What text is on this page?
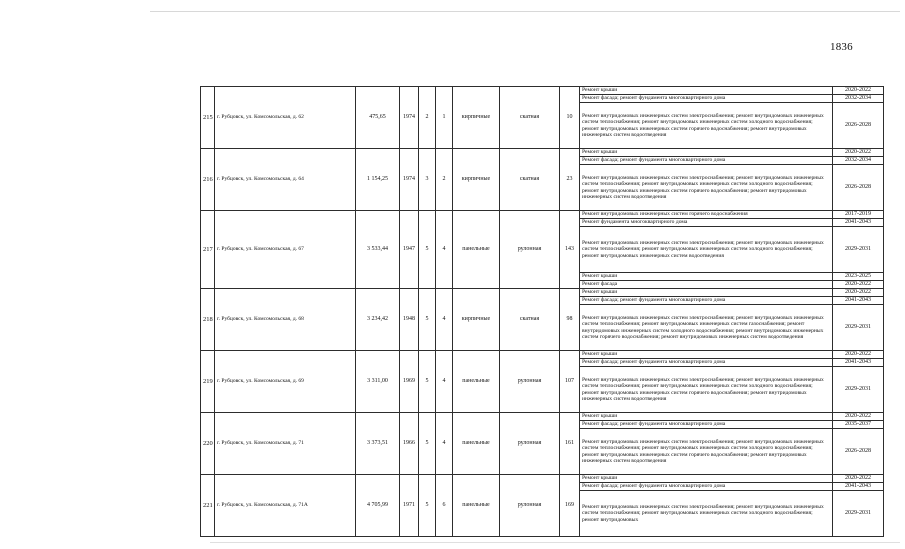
1836
215	г. Рубцовск, ул. Комсомольская, д. 62	475,65	1974	2	1	кирпичные	скатная	10	Ремонт крыши	2020-2022
									Ремонт фасада; ремонт фундамента многоквартирного дома	2032-2034
									Ремонт внутридомовых инженерных систем электроснабжения; ремонт внутридомовых инженерных систем теплоснабжения; ремонт внутридомовых инженерных систем холодного водоснабжения; ремонт внутридомовых инженерных систем горячего водоснабжения; ремонт внутридомовых инженерных систем водоотведения	2026-2028
216	г. Рубцовск, ул. Комсомольская, д. 64	1 154,25	1974	3	2	кирпичные	скатная	23	Ремонт крыши	2020-2022
									Ремонт фасада; ремонт фундамента многоквартирного дома	2032-2034
									Ремонт внутридомовых инженерных систем электроснабжения; ремонт внутридомовых инженерных систем теплоснабжения; ремонт внутридомовых инженерных систем холодного водоснабжения; ремонт внутридомовых инженерных систем горячего водоснабжения; ремонт внутридомовых инженерных систем водоотведения	2026-2028
217	г. Рубцовск, ул. Комсомольская, д. 67	3 533,44	1947	5	4	панельные	рулонная	143	Ремонт внутридомовых инженерных систем горячего водоснабжения	2017-2019
									Ремонт фундамента многоквартирного дома	2041-2043
									Ремонт внутридомовых инженерных систем электроснабжения; ремонт внутридомовых инженерных систем теплоснабжения; ремонт внутридомовых инженерных систем холодного водоснабжения; ремонт внутридомовых инженерных систем водоотведения	2029-2031
									Ремонт крыши	2023-2025
									Ремонт фасада	2020-2022
218	г. Рубцовск, ул. Комсомольская, д. 68	3 234,42	1948	5	4	кирпичные	скатная	98	Ремонт крыши	2020-2022
									Ремонт фасада; ремонт фундамента многоквартирного дома	2041-2043
									Ремонт внутридомовых инженерных систем электроснабжения; ремонт внутридомовых инженерных систем теплоснабжения; ремонт внутридомовых инженерных систем газоснабжения; ремонт внутридомовых инженерных систем холодного водоснабжения; ремонт внутридомовых инженерных систем горячего водоснабжения; ремонт внутридомовых инженерных систем водоотведения	2029-2031
219	г. Рубцовск, ул. Комсомольская, д. 69	3 311,00	1969	5	4	панельные	рулонная	107	Ремонт крыши	2020-2022
									Ремонт фасада; ремонт фундамента многоквартирного дома	2041-2043
									Ремонт внутридомовых инженерных систем электроснабжения; ремонт внутридомовых инженерных систем теплоснабжения; ремонт внутридомовых инженерных систем холодного водоснабжения; ремонт внутридомовых инженерных систем горячего водоснабжения; ремонт внутридомовых инженерных систем водоотведения	2029-2031
220	г. Рубцовск, ул. Комсомольская, д. 71	3 373,51	1966	5	4	панельные	рулонная	161	Ремонт крыши	2020-2022
									Ремонт фасада; ремонт фундамента многоквартирного дома	2035-2037
									Ремонт внутридомовых инженерных систем электроснабжения; ремонт внутридомовых инженерных систем теплоснабжения; ремонт внутридомовых инженерных систем холодного водоснабжения; ремонт внутридомовых инженерных систем горячего водоснабжения; ремонт внутридомовых инженерных систем водоотведения	2026-2028
221	г. Рубцовск, ул. Комсомольская, д. 71А	4 705,99	1971	5	6	панельные	рулонная	169	Ремонт крыши	2020-2022
									Ремонт фасада; ремонт фундамента многоквартирного дома	2041-2043
									Ремонт внутридомовых инженерных систем электроснабжения; ремонт внутридомовых инженерных систем теплоснабжения; ремонт внутридомовых инженерных систем холодного водоснабжения; ремонт внутридомовых	2029-2031
